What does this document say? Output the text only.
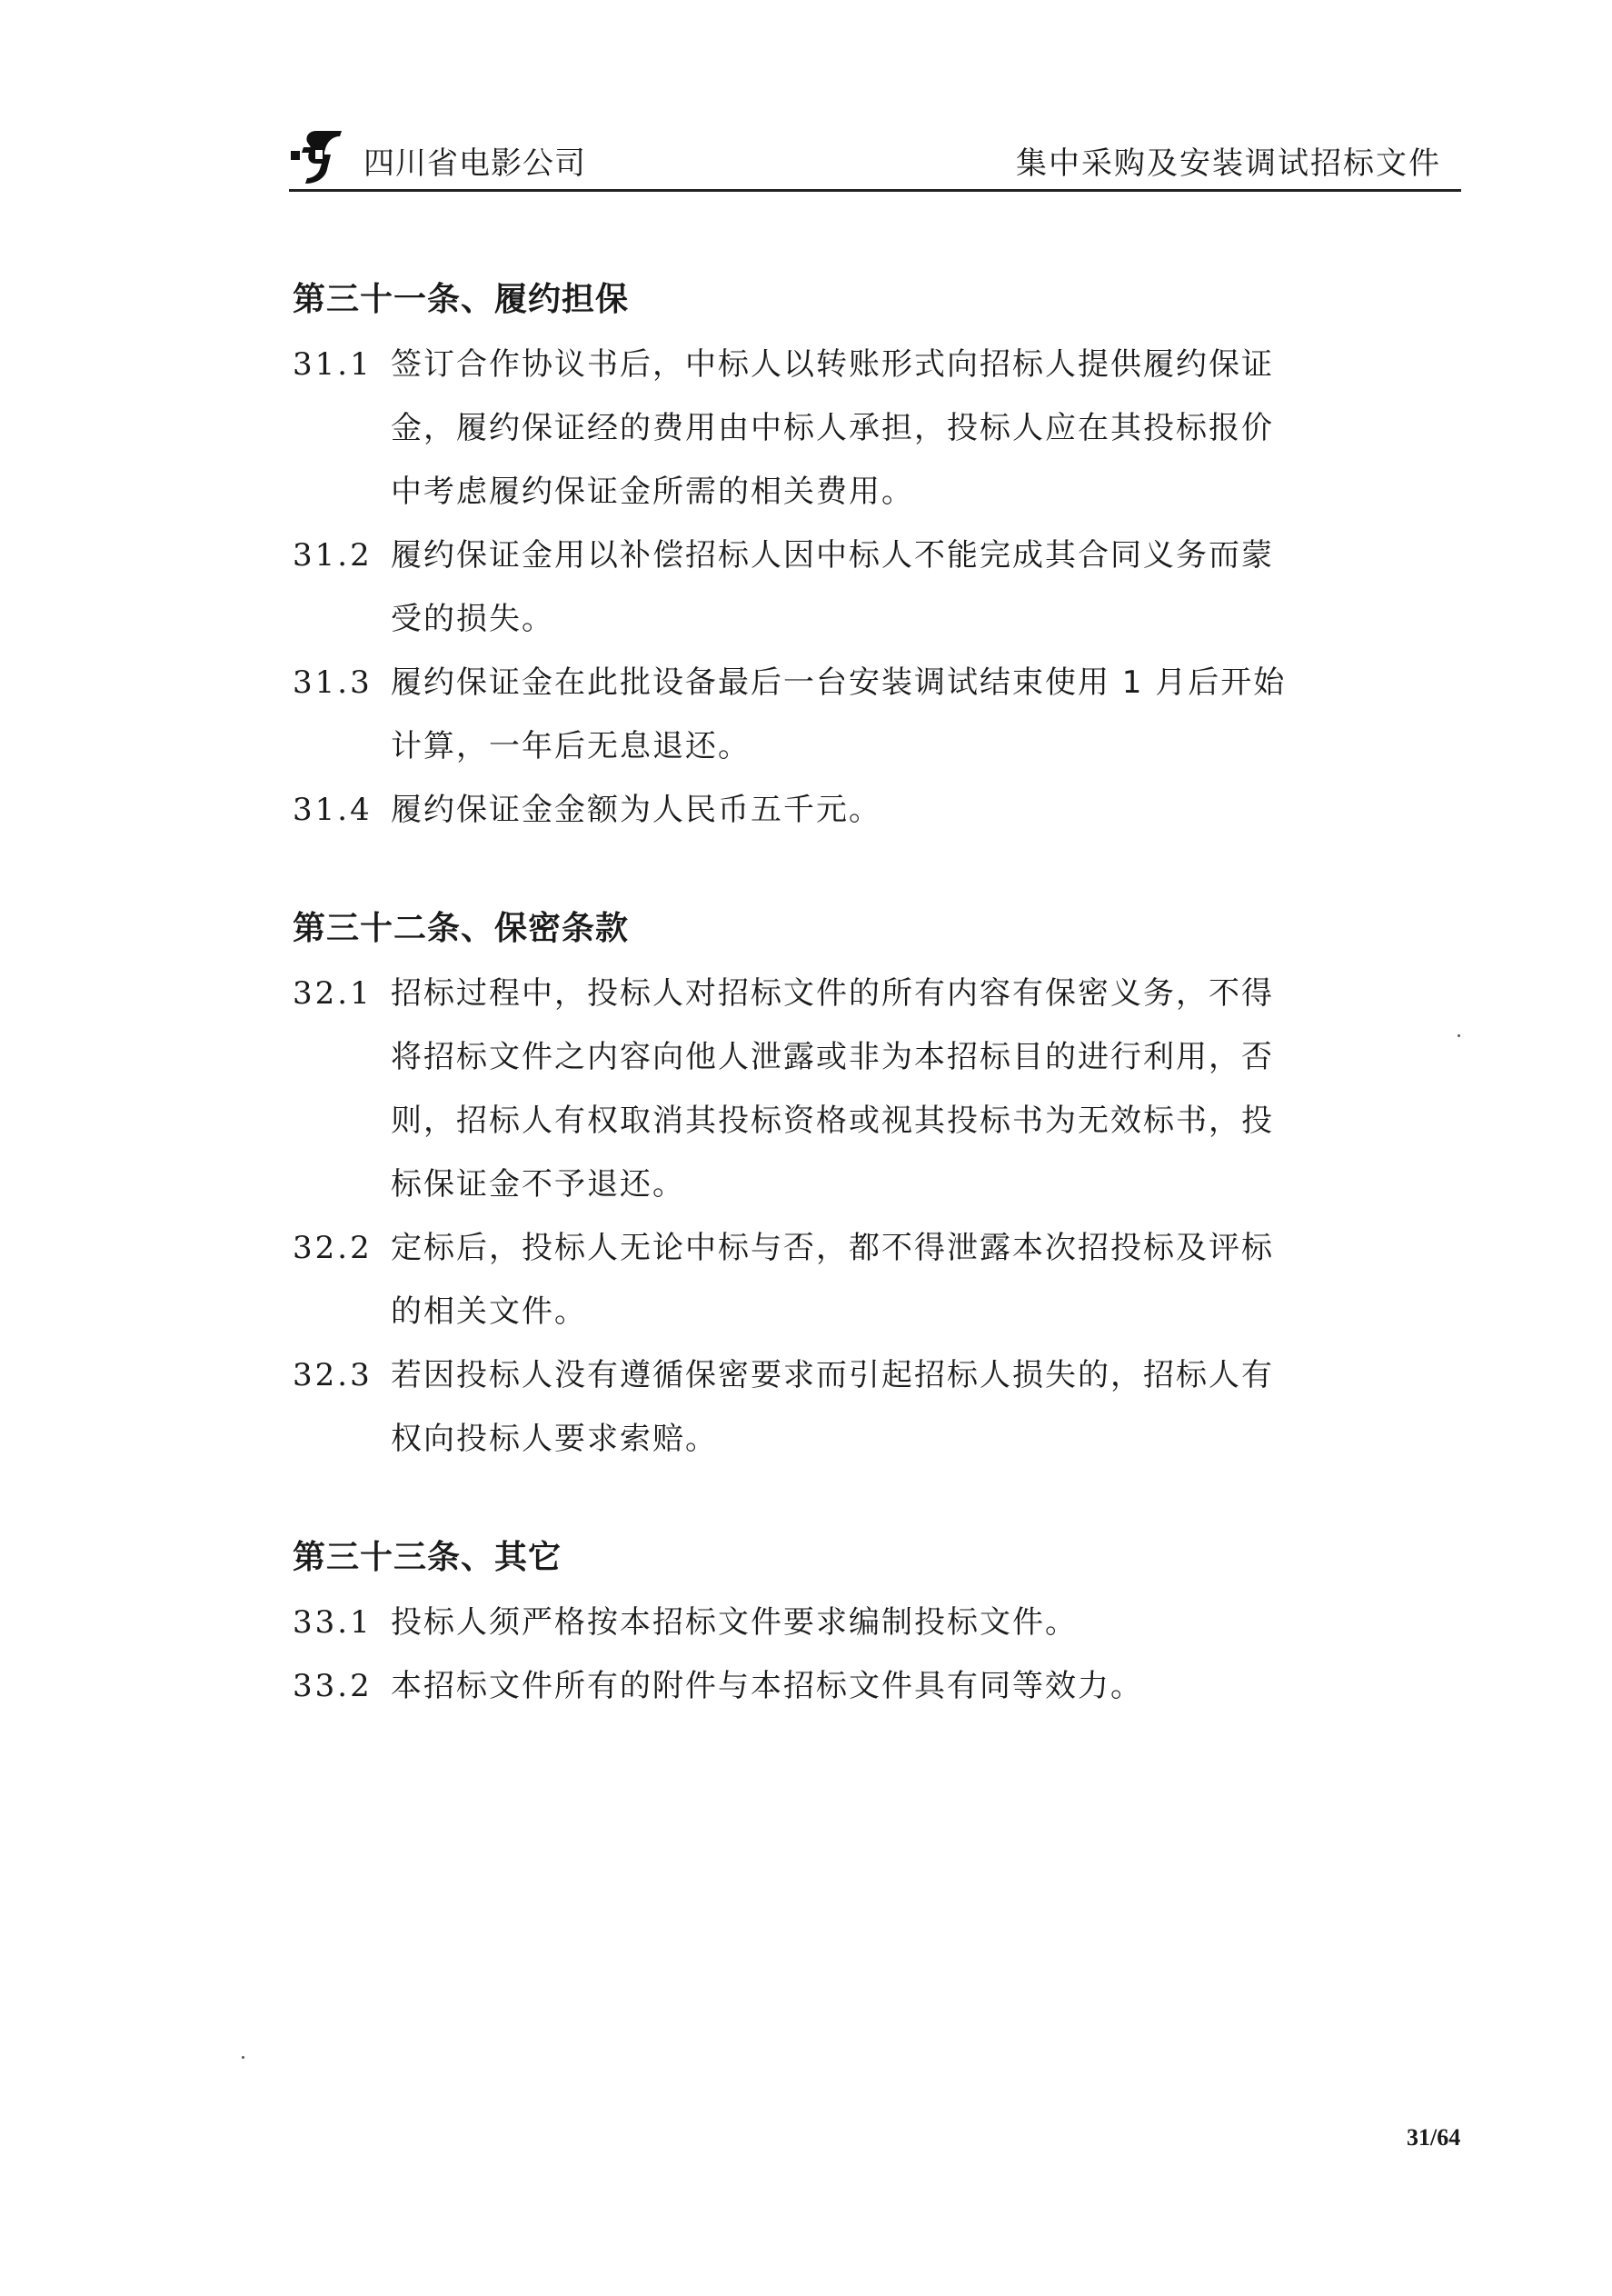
四川省电影公司	集中采购及安装调试招标文件
第三十一条、履约担保
31.1 签订合作协议书后，中标人以转账形式向招标人提供履约保证金，履约保证经的费用由中标人承担，投标人应在其投标报价中考虑履约保证金所需的相关费用。
31.2 履约保证金用以补偿招标人因中标人不能完成其合同义务而蒙受的损失。
31.3 履约保证金在此批设备最后一台安装调试结束使用 1 月后开始计算，一年后无息退还。
31.4 履约保证金金额为人民币五千元。
第三十二条、保密条款
32.1 招标过程中，投标人对招标文件的所有内容有保密义务，不得将招标文件之内容向他人泄露或非为本招标目的进行利用，否则，招标人有权取消其投标资格或视其投标书为无效标书，投标保证金不予退还。
32.2 定标后，投标人无论中标与否，都不得泄露本次招投标及评标的相关文件。
32.3 若因投标人没有遵循保密要求而引起招标人损失的，招标人有权向投标人要求索赔。
第三十三条、其它
33.1 投标人须严格按本招标文件要求编制投标文件。
33.2 本招标文件所有的附件与本招标文件具有同等效力。
31/64
